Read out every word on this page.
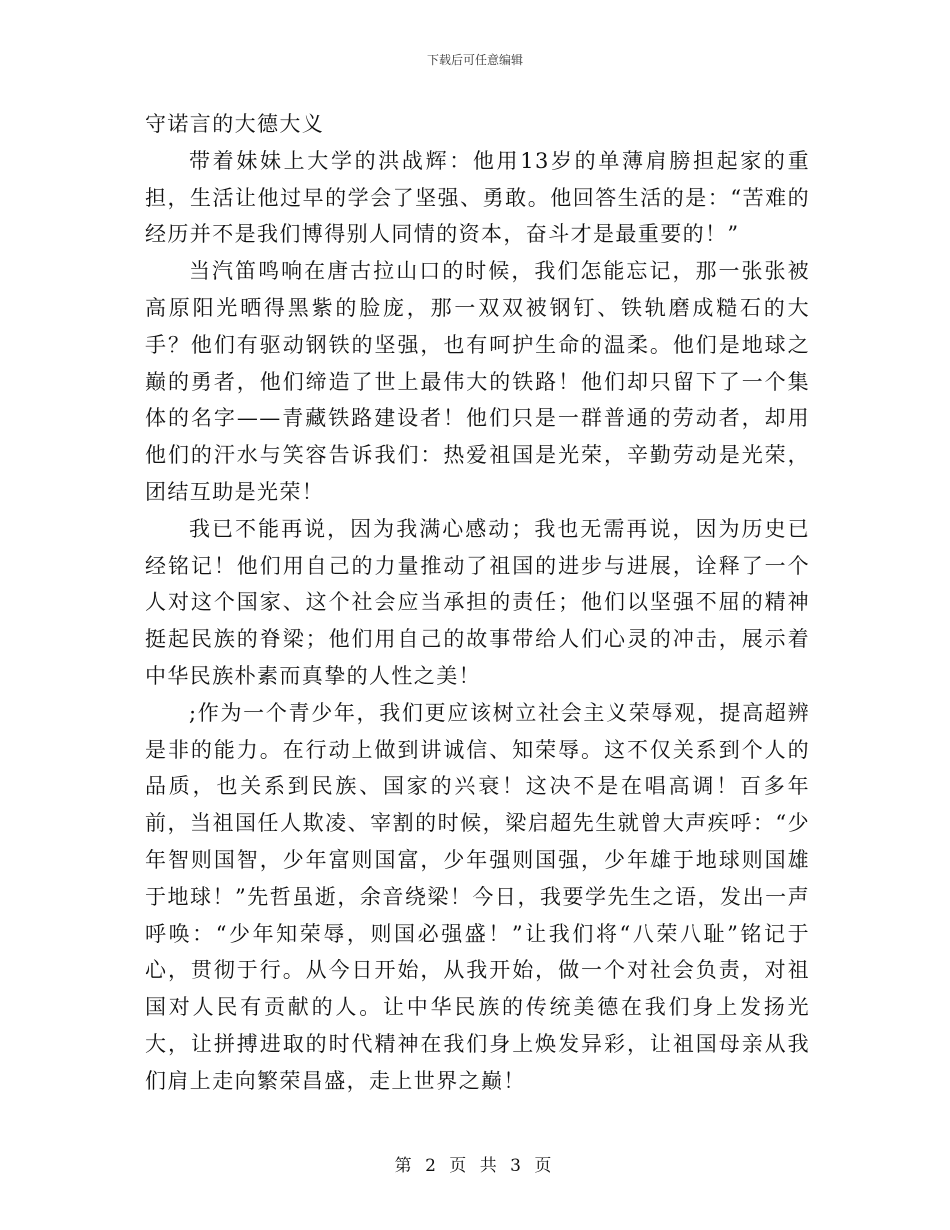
下载后可任意编辑

守诺言的大德大义

带着妹妹上大学的洪战辉：他用13岁的单薄肩膀担起家的重担，生活让他过早的学会了坚强、勇敢。他回答生活的是：“苦难的经历并不是我们博得别人同情的资本，奋斗才是最重要的！”

当汽笛鸣响在唐古拉山口的时候，我们怎能忘记，那一张张被高原阳光晒得黑紫的脸庞，那一双双被钢钉、铁轨磨成糙石的大手？他们有驱动钢铁的坚强，也有呵护生命的温柔。他们是地球之巅的勇者，他们缔造了世上最伟大的铁路！他们却只留下了一个集体的名字——青藏铁路建设者！他们只是一群普通的劳动者，却用他们的汗水与笑容告诉我们：热爱祖国是光荣，辛勤劳动是光荣，团结互助是光荣！

我已不能再说，因为我满心感动；我也无需再说，因为历史已经铭记！他们用自己的力量推动了祖国的进步与进展，诠释了一个人对这个国家、这个社会应当承担的责任；他们以坚强不屈的精神挺起民族的脊梁；他们用自己的故事带给人们心灵的冲击，展示着中华民族朴素而真挚的人性之美！

;作为一个青少年，我们更应该树立社会主义荣辱观，提高超辨是非的能力。在行动上做到讲诚信、知荣辱。这不仅关系到个人的品质，也关系到民族、国家的兴衰！这决不是在唱高调！百多年前，当祖国任人欺凌、宰割的时候，梁启超先生就曾大声疾呼：“少年智则国智，少年富则国富，少年强则国强，少年雄于地球则国雄于地球！”先哲虽逝，余音绕梁！今日，我要学先生之语，发出一声呼唤：“少年知荣辱，则国必强盛！”让我们将“八荣八耻”铭记于心，贯彻于行。从今日开始，从我开始，做一个对社会负责，对祖国对人民有贡献的人。让中华民族的传统美德在我们身上发扬光大，让拼搏进取的时代精神在我们身上焕发异彩，让祖国母亲从我们肩上走向繁荣昌盛，走上世界之巅！

第 2 页 共 3 页
